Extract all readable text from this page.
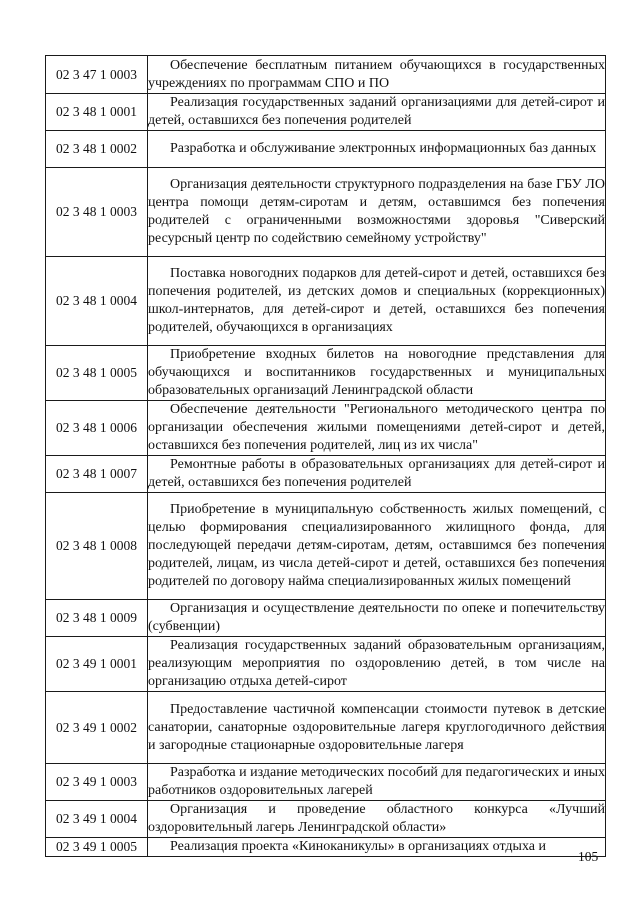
02 3 47 1 0003	Обеспечение бесплатным питанием обучающихся в государственных учреждениях по программам СПО и ПО
02 3 48 1 0001	Реализация государственных заданий организациями для детей-сирот и детей, оставшихся без попечения родителей
02 3 48 1 0002	Разработка и обслуживание электронных информационных баз данных
02 3 48 1 0003	Организация деятельности структурного подразделения на базе ГБУ ЛО центра помощи детям-сиротам и детям, оставшимся без попечения родителей с ограниченными возможностями здоровья "Сиверский ресурсный центр по содействию семейному устройству"
02 3 48 1 0004	Поставка новогодних подарков для детей-сирот и детей, оставшихся без попечения родителей, из детских домов и специальных (коррекционных) школ-интернатов, для детей-сирот и детей, оставшихся без попечения родителей, обучающихся в организациях
02 3 48 1 0005	Приобретение входных билетов на новогодние представления для обучающихся и воспитанников государственных и муниципальных образовательных организаций Ленинградской области
02 3 48 1 0006	Обеспечение деятельности "Регионального методического центра по организации обеспечения жилыми помещениями детей-сирот и детей, оставшихся без попечения родителей, лиц из их числа"
02 3 48 1 0007	Ремонтные работы в образовательных организациях для детей-сирот и детей, оставшихся без попечения родителей
02 3 48 1 0008	Приобретение в муниципальную собственность жилых помещений, с целью формирования специализированного жилищного фонда, для последующей передачи детям-сиротам, детям, оставшимся без попечения родителей, лицам, из числа детей-сирот и детей, оставшихся без попечения родителей по договору найма специализированных жилых помещений
02 3 48 1 0009	Организация и осуществление деятельности по опеке и попечительству (субвенции)
02 3 49 1 0001	Реализация государственных заданий образовательным организациям, реализующим мероприятия по оздоровлению детей, в том числе на организацию отдыха детей-сирот
02 3 49 1 0002	Предоставление частичной компенсации стоимости путевок в детские санатории, санаторные оздоровительные лагеря круглогодичного действия и загородные стационарные оздоровительные лагеря
02 3 49 1 0003	Разработка и издание методических пособий для педагогических и иных работников оздоровительных лагерей
02 3 49 1 0004	Организация и проведение областного конкурса «Лучший оздоровительный лагерь Ленинградской области»
02 3 49 1 0005	Реализация проекта «Киноканикулы» в организациях отдыха и
105
